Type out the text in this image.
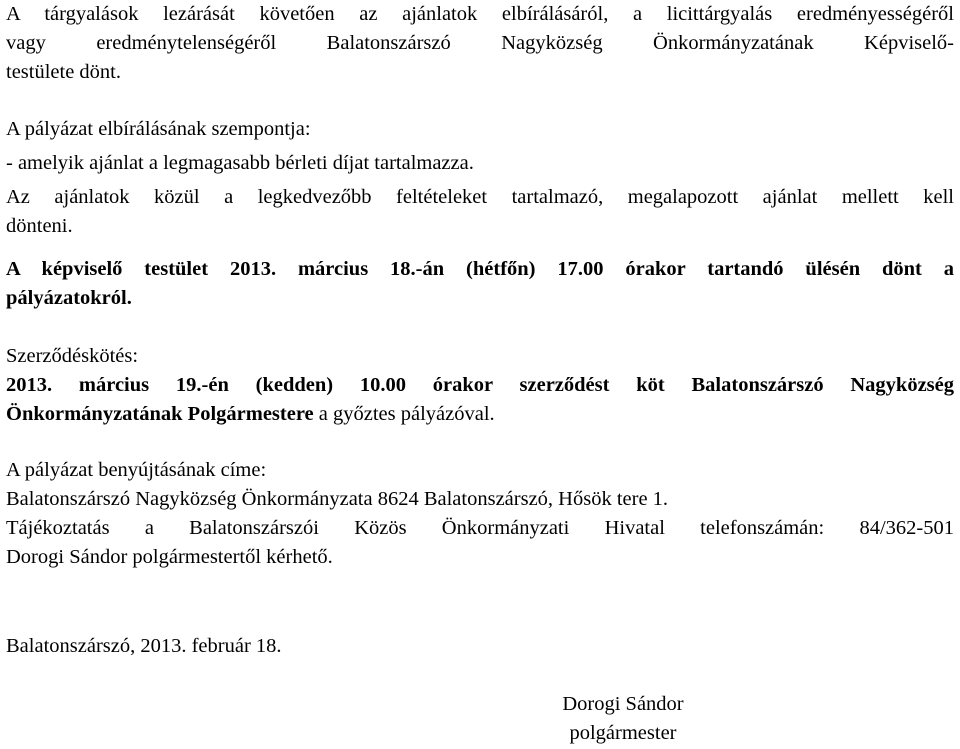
A tárgyalások lezárását követően az ajánlatok elbírálásáról, a licittárgyalás eredményességéről

vagy eredménytelenségéről Balatonszárszó Nagyközség Önkormányzatának Képviselő-

testülete dönt.

A pályázat elbírálásának szempontja:

- amelyik ajánlat a legmagasabb bérleti díjat tartalmazza.

Az ajánlatok közül a legkedvezőbb feltételeket tartalmazó, megalapozott ajánlat mellett kell

dönteni.

A képviselő testület 2013. március 18.-án (hétfőn) 17.00 órakor tartandó ülésén dönt a

pályázatokról.

Szerződéskötés:

2013. március 19.-én (kedden) 10.00 órakor szerződést köt Balatonszárszó Nagyközség

Önkormányzatának Polgármestere a győztes pályázóval.

A pályázat benyújtásának címe:

Balatonszárszó Nagyközség Önkormányzata 8624 Balatonszárszó, Hősök tere 1.

Tájékoztatás a Balatonszárszói Közös Önkormányzati Hivatal telefonszámán: 84/362-501

Dorogi Sándor polgármestertől kérhető.

Balatonszárszó, 2013. február 18.

Dorogi Sándor

polgármester
